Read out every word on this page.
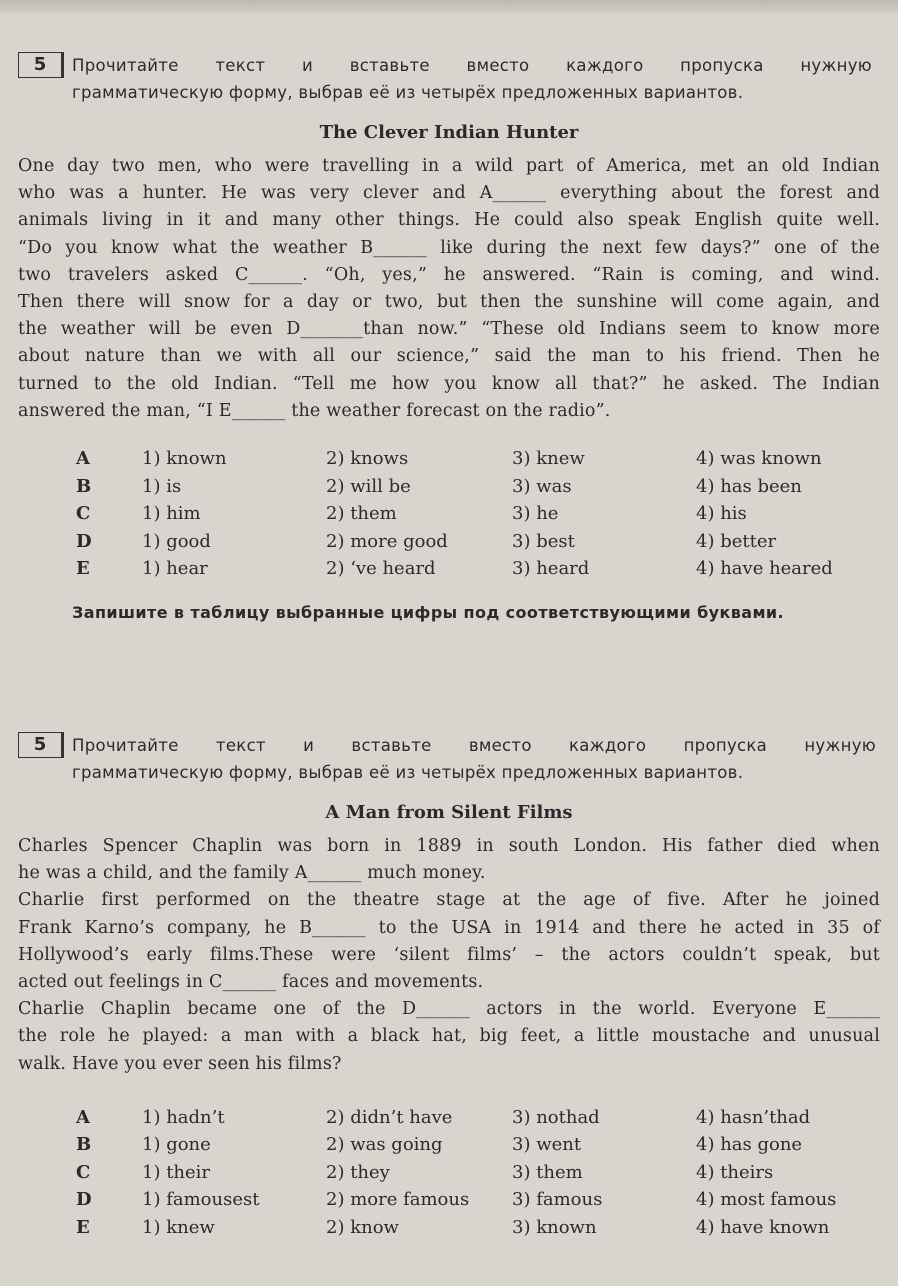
5	Прочитайте текст и вставьте вместо каждого пропуска нужную
грамматическую форму, выбрав её из четырёх предложенных вариантов.
The Clever Indian Hunter
One day two men, who were travelling in a wild part of America, met an old Indian
who was a hunter. He was very clever and A______ everything about the forest and
animals living in it and many other things. He could also speak English quite well.
“Do you know what the weather B______ like during the next few days?” one of the
two travelers asked C______. “Oh, yes,” he answered. “Rain is coming, and wind.
Then there will snow for a day or two, but then the sunshine will come again, and
the weather will be even D_______than now.” “These old Indians seem to know more
about nature than we with all our science,” said the man to his friend. Then he
turned to the old Indian. “Tell me how you know all that?” he asked. The Indian
answered the man, “I E______ the weather forecast on the radio”.
A	1) known	2) knows	3) knew	4) was known
B	1) is	2) will be	3) was	4) has been
C	1) him	2) them	3) he	4) his
D	1) good	2) more good	3) best	4) better
E	1) hear	2) ‘ve heard	3) heard	4) have heared
Запишите в таблицу выбранные цифры под соответствующими буквами.
5	Прочитайте текст и вставьте вместо каждого пропуска нужную
грамматическую форму, выбрав её из четырёх предложенных вариантов.
A Man from Silent Films
Charles Spencer Chaplin was born in 1889 in south London. His father died when
he was a child, and the family A______ much money.
Charlie first performed on the theatre stage at the age of five. After he joined
Frank Karno’s company, he B______ to the USA in 1914 and there he acted in 35 of
Hollywood’s early films.These were ‘silent films’ – the actors couldn’t speak, but
acted out feelings in C______ faces and movements.
Charlie Chaplin became one of the D______ actors in the world. Everyone E______
the role he played: a man with a black hat, big feet, a little moustache and unusual
walk. Have you ever seen his films?
A	1) hadn’t	2) didn’t have	3) nothad	4) hasn’thad
B	1) gone	2) was going	3) went	4) has gone
C	1) their	2) they	3) them	4) theirs
D	1) famousest	2) more famous	3) famous	4) most famous
E	1) knew	2) know	3) known	4) have known
